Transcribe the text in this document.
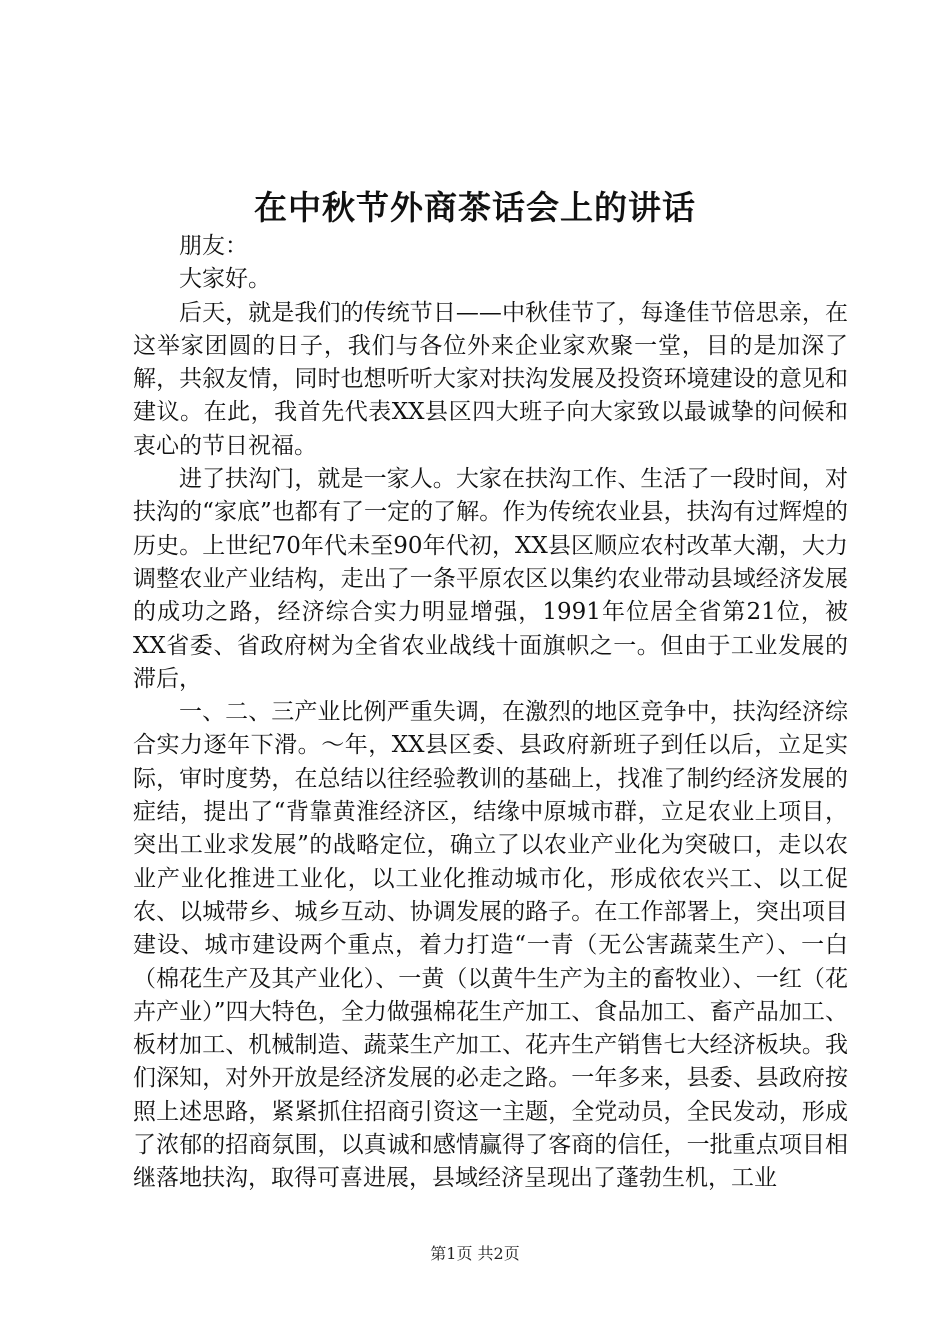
在中秋节外商茶话会上的讲话

朋友：

大家好。

后天，就是我们的传统节日——中秋佳节了，每逢佳节倍思亲，在这举家团圆的日子，我们与各位外来企业家欢聚一堂，目的是加深了解，共叙友情，同时也想听听大家对扶沟发展及投资环境建设的意见和建议。在此，我首先代表XX县区四大班子向大家致以最诚挚的问候和衷心的节日祝福。

进了扶沟门，就是一家人。大家在扶沟工作、生活了一段时间，对扶沟的“家底”也都有了一定的了解。作为传统农业县，扶沟有过辉煌的历史。上世纪70年代未至90年代初，XX县区顺应农村改革大潮，大力调整农业产业结构，走出了一条平原农区以集约农业带动县域经济发展的成功之路，经济综合实力明显增强，1991年位居全省第21位，被XX省委、省政府树为全省农业战线十面旗帜之一。但由于工业发展的滞后，

一、二、三产业比例严重失调，在激烈的地区竞争中，扶沟经济综合实力逐年下滑。～年，XX县区委、县政府新班子到任以后，立足实际，审时度势，在总结以往经验教训的基础上，找准了制约经济发展的症结，提出了“背靠黄淮经济区，结缘中原城市群，立足农业上项目，突出工业求发展”的战略定位，确立了以农业产业化为突破口，走以农业产业化推进工业化，以工业化推动城市化，形成依农兴工、以工促农、以城带乡、城乡互动、协调发展的路子。在工作部署上，突出项目建设、城市建设两个重点，着力打造“一青（无公害蔬菜生产）、一白（棉花生产及其产业化）、一黄（以黄牛生产为主的畜牧业）、一红（花卉产业）”四大特色，全力做强棉花生产加工、食品加工、畜产品加工、板材加工、机械制造、蔬菜生产加工、花卉生产销售七大经济板块。我们深知，对外开放是经济发展的必走之路。一年多来，县委、县政府按照上述思路，紧紧抓住招商引资这一主题，全党动员，全民发动，形成了浓郁的招商氛围，以真诚和感情赢得了客商的信任，一批重点项目相继落地扶沟，取得可喜进展，县域经济呈现出了蓬勃生机，工业

第1页 共2页
